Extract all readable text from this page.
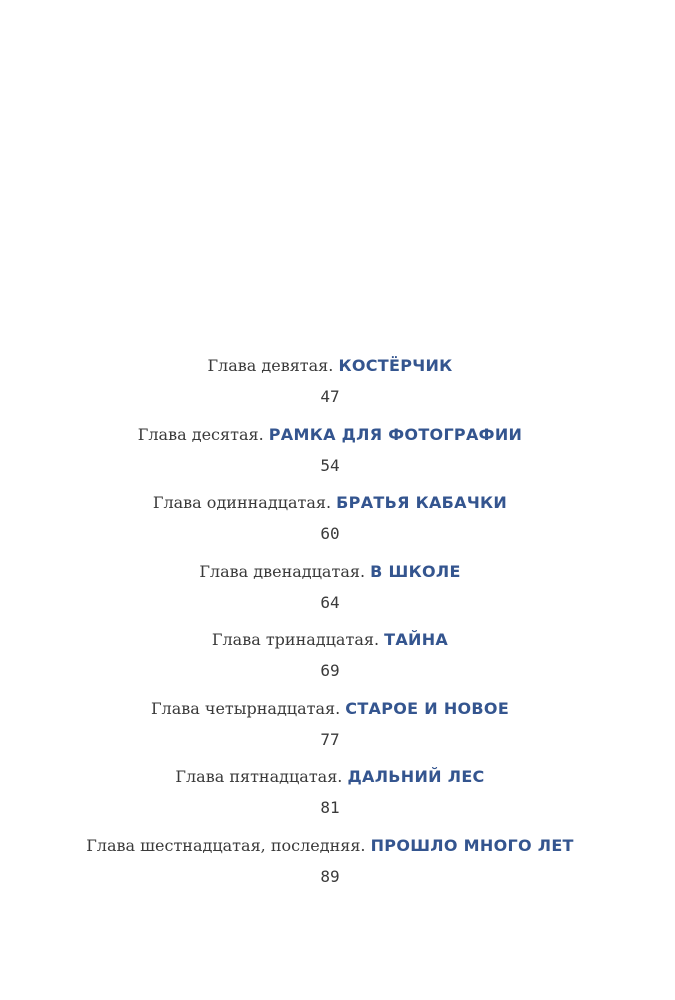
Глава девятая. КОСТЁРЧИК
47
Глава десятая. РАМКА ДЛЯ ФОТОГРАФИИ
54
Глава одиннадцатая. БРАТЬЯ КАБАЧКИ
60
Глава двенадцатая. В ШКОЛЕ
64
Глава тринадцатая. ТАЙНА
69
Глава четырнадцатая. СТАРОЕ И НОВОЕ
77
Глава пятнадцатая. ДАЛЬНИЙ ЛЕС
81
Глава шестнадцатая, последняя. ПРОШЛО МНОГО ЛЕТ
89
